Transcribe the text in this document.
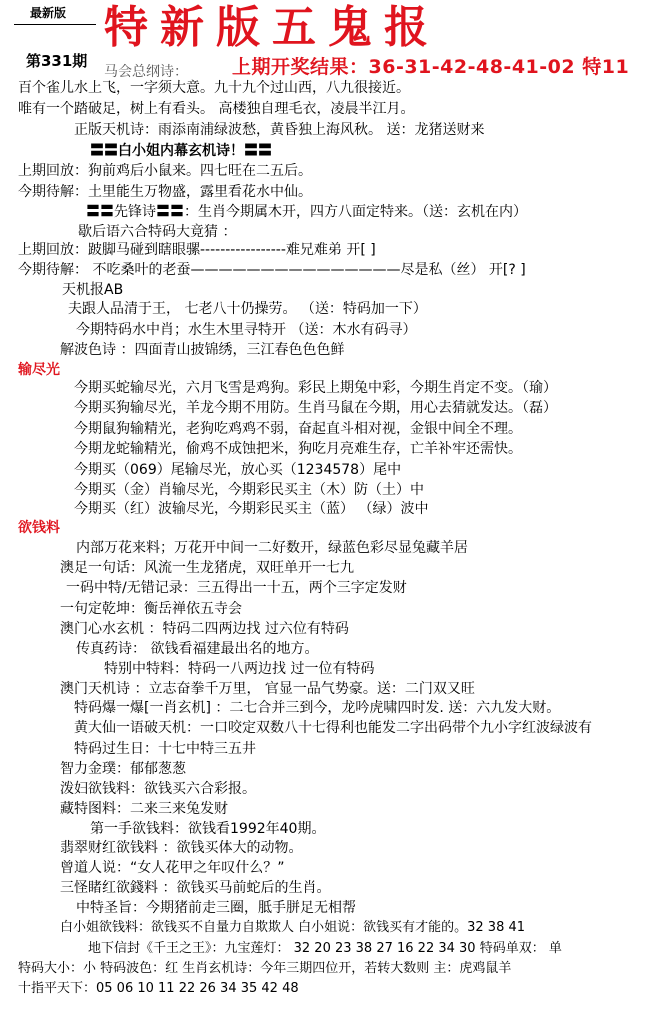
最新版 特新版五鬼报
第331期	上期开奖结果：36-31-42-48-41-02 特11
马会总纲诗：
百个雀儿水上飞，一字须大意。九十九个过山西，八九很接近。
唯有一个踏破足，树上有看头。 高楼独自理毛衣，凌晨半江月。
正版天机诗：雨添南浦绿波愁，黄昏独上海风秋。 送：龙猪送财来
〓〓白小姐内幕玄机诗！〓〓
上期回放：狗前鸡后小鼠来。四七旺在二五后。
今期待解：土里能生万物盛，露里看花水中仙。
〓〓先锋诗〓〓：生肖今期属木开，四方八面定特来。（送：玄机在内）
歇后语六合特码大竟猜 ：
上期回放：跛脚马碰到瞎眼骡-----------------难兄难弟 开[ ]
今期待解： 不吃桑叶的老蚕———————————————尽是私（丝） 开[? ]
天机报AB
夫跟人品清于王， 七老八十仍操劳。 （送：特码加一下）
今期特码水中肖；水生木里寻特开 （送：木水有码寻）
解波色诗 ：四面青山披锦绣，三江春色色色鲜
输尽光
今期买蛇输尽光，六月飞雪是鸡狗。彩民上期兔中彩，今期生肖定不变。（瑜）
今期买狗输尽光，羊龙今期不用防。生肖马鼠在今期，用心去猜就发达。（磊）
今期鼠狗输精光，老狗吃鸡鸡不弱，奋起直斗相对视，金银中间全不理。
今期龙蛇输精光，偷鸡不成蚀把米，狗吃月亮难生存，亡羊补牢还需快。
今期买（069）尾输尽光，放心买（1234578）尾中
今期买（金）肖输尽光，今期彩民买主（木）防（土）中
今期买（红）波输尽光，今期彩民买主（蓝） （绿）波中
欲钱料
内部万花来料；万花开中间一二好数开，绿蓝色彩尽显兔藏羊居
澳足一句话：风流一生龙猪虎，双旺单开一七九
一码中特/无错记录：三五得出一十五，两个三字定发财
一句定乾坤：衡岳禅依五寺会
澳门心水玄机 ：特码二四两边找 过六位有特码
传真药诗： 欲钱看福建最出名的地方。
特别中特料：特码一八两边找 过一位有特码
澳门天机诗 ：立志奋拳千万里， 官显一品气势豪。送：二门双又旺
特码爆一爆[一肖玄机] ：二七合并三到今，龙吟虎啸四时发. 送：六九发大财。
黄大仙一语破天机：一口咬定双数八十七得利也能发二字出码带个九小字红波绿波有
特码过生日：十七中特三五井
智力金璞：郁郁葱葱
泼妇欲钱料：欲钱买六合彩报。
藏特图料：二来三来兔发财
第一手欲钱料：欲钱看1992年40期。
翡翠财红欲钱料 ：欲钱买体大的动物。
曾道人说：“女人花甲之年叹什么？”
三怪睹红欲錢料 ：欲钱买马前蛇后的生肖。
中特圣旨：今期猪前走三圈，胝手胼足无相帮
白小姐欲钱料：欲钱买不自量力自欺欺人 白小姐说：欲钱买有才能的。32 38 41
地下信封《千王之王》：九宝莲灯： 32 20 23 38 27 16 22 34 30 特码单双： 单
特码大小：小 特码波色：红 生肖玄机诗：今年三期四位开，若转大数则 主：虎鸡鼠羊
十指平天下：05 06 10 11 22 26 34 35 42 48
